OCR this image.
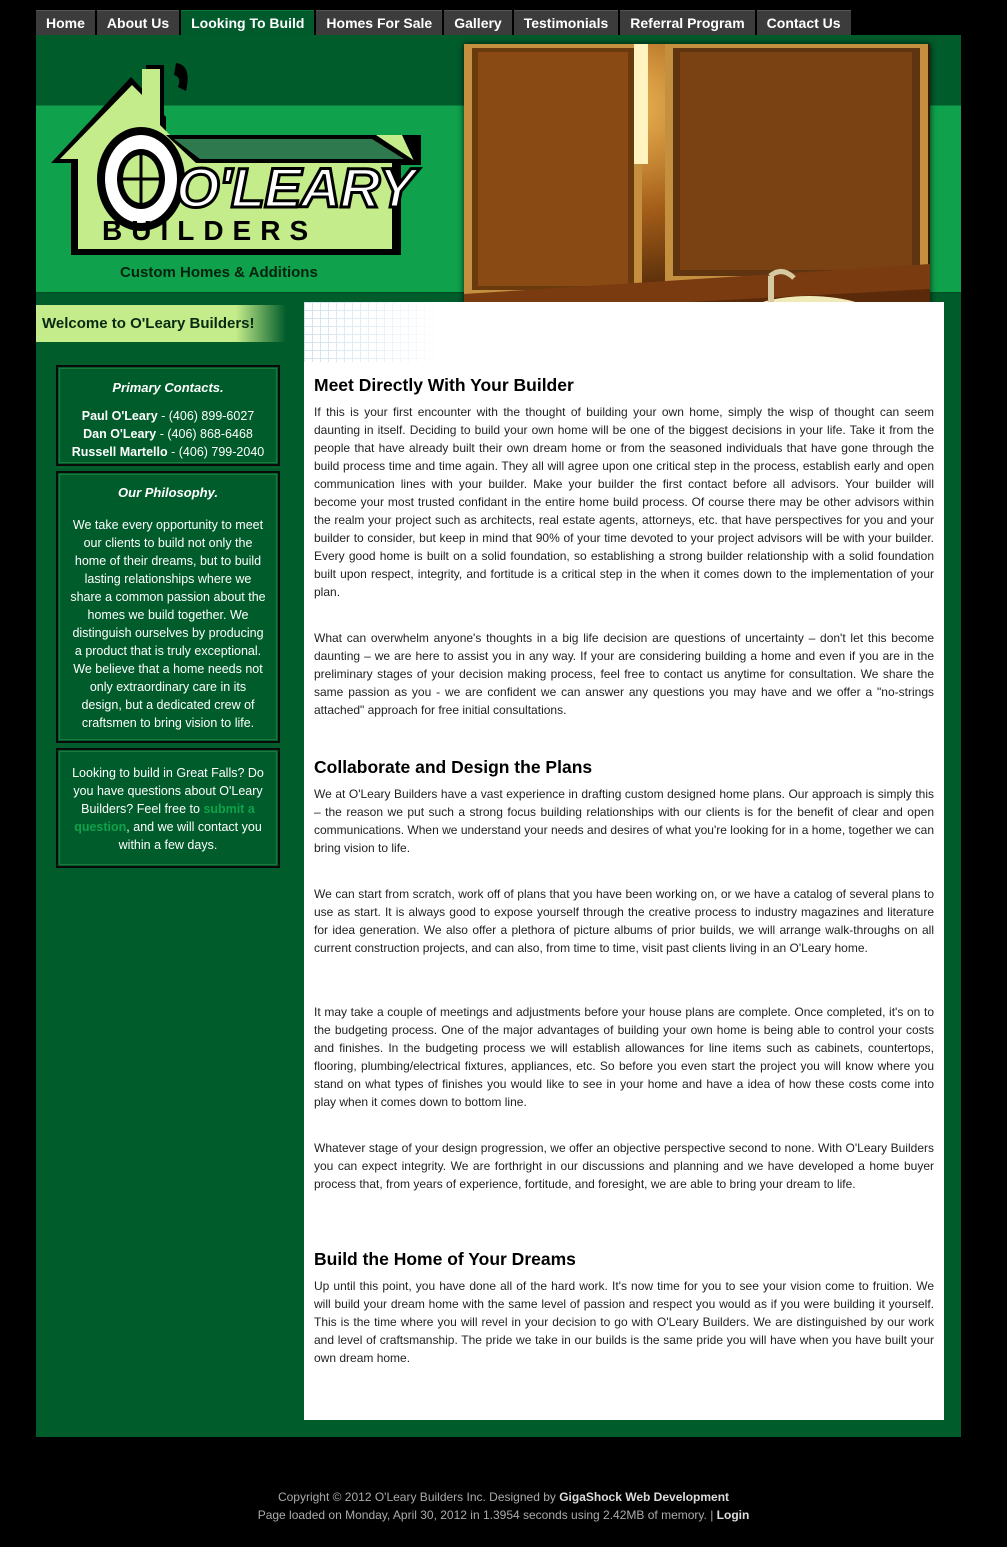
Home	About Us	Looking To Build	Homes For Sale	Gallery	Testimonials	Referral Program	Contact Us
O'LEARY
BUILDERS
Custom Homes & Additions
Welcome to O'Leary Builders!
Primary Contacts.
Paul O'Leary - (406) 899-6027
Dan O'Leary - (406) 868-6468
Russell Martello - (406) 799-2040
Our Philosophy.

We take every opportunity to meet our clients to build not only the home of their dreams, but to build lasting relationships where we share a common passion about the homes we build together. We distinguish ourselves by producing a product that is truly exceptional. We believe that a home needs not only extraordinary care in its design, but a dedicated crew of craftsmen to bring vision to life.

Looking to build in Great Falls? Do you have questions about O'Leary Builders? Feel free to submit a question, and we will contact you within a few days.

Meet Directly With Your Builder

If this is your first encounter with the thought of building your own home, simply the wisp of thought can seem daunting in itself. Deciding to build your own home will be one of the biggest decisions in your life. Take it from the people that have already built their own dream home or from the seasoned individuals that have gone through the build process time and time again. They all will agree upon one critical step in the process, establish early and open communication lines with your builder. Make your builder the first contact before all advisors. Your builder will become your most trusted confidant in the entire home build process. Of course there may be other advisors within the realm your project such as architects, real estate agents, attorneys, etc. that have perspectives for you and your builder to consider, but keep in mind that 90% of your time devoted to your project advisors will be with your builder. Every good home is built on a solid foundation, so establishing a strong builder relationship with a solid foundation built upon respect, integrity, and fortitude is a critical step in the when it comes down to the implementation of your plan.

What can overwhelm anyone's thoughts in a big life decision are questions of uncertainty – don't let this become daunting – we are here to assist you in any way. If your are considering building a home and even if you are in the preliminary stages of your decision making process, feel free to contact us anytime for consultation. We share the same passion as you - we are confident we can answer any questions you may have and we offer a "no-strings attached" approach for free initial consultations.

Collaborate and Design the Plans

We at O'Leary Builders have a vast experience in drafting custom designed home plans. Our approach is simply this – the reason we put such a strong focus building relationships with our clients is for the benefit of clear and open communications. When we understand your needs and desires of what you're looking for in a home, together we can bring vision to life.

We can start from scratch, work off of plans that you have been working on, or we have a catalog of several plans to use as start. It is always good to expose yourself through the creative process to industry magazines and literature for idea generation. We also offer a plethora of picture albums of prior builds, we will arrange walk-throughs on all current construction projects, and can also, from time to time, visit past clients living in an O'Leary home.

It may take a couple of meetings and adjustments before your house plans are complete. Once completed, it's on to the budgeting process. One of the major advantages of building your own home is being able to control your costs and finishes. In the budgeting process we will establish allowances for line items such as cabinets, countertops, flooring, plumbing/electrical fixtures, appliances, etc. So before you even start the project you will know where you stand on what types of finishes you would like to see in your home and have a idea of how these costs come into play when it comes down to bottom line.

Whatever stage of your design progression, we offer an objective perspective second to none. With O'Leary Builders you can expect integrity. We are forthright in our discussions and planning and we have developed a home buyer process that, from years of experience, fortitude, and foresight, we are able to bring your dream to life.

Build the Home of Your Dreams

Up until this point, you have done all of the hard work. It's now time for you to see your vision come to fruition. We will build your dream home with the same level of passion and respect you would as if you were building it yourself. This is the time where you will revel in your decision to go with O'Leary Builders. We are distinguished by our work and level of craftsmanship. The pride we take in our builds is the same pride you will have when you have built your own dream home.

Copyright © 2012 O'Leary Builders Inc. Designed by GigaShock Web Development
Page loaded on Monday, April 30, 2012 in 1.3954 seconds using 2.42MB of memory. | Login
